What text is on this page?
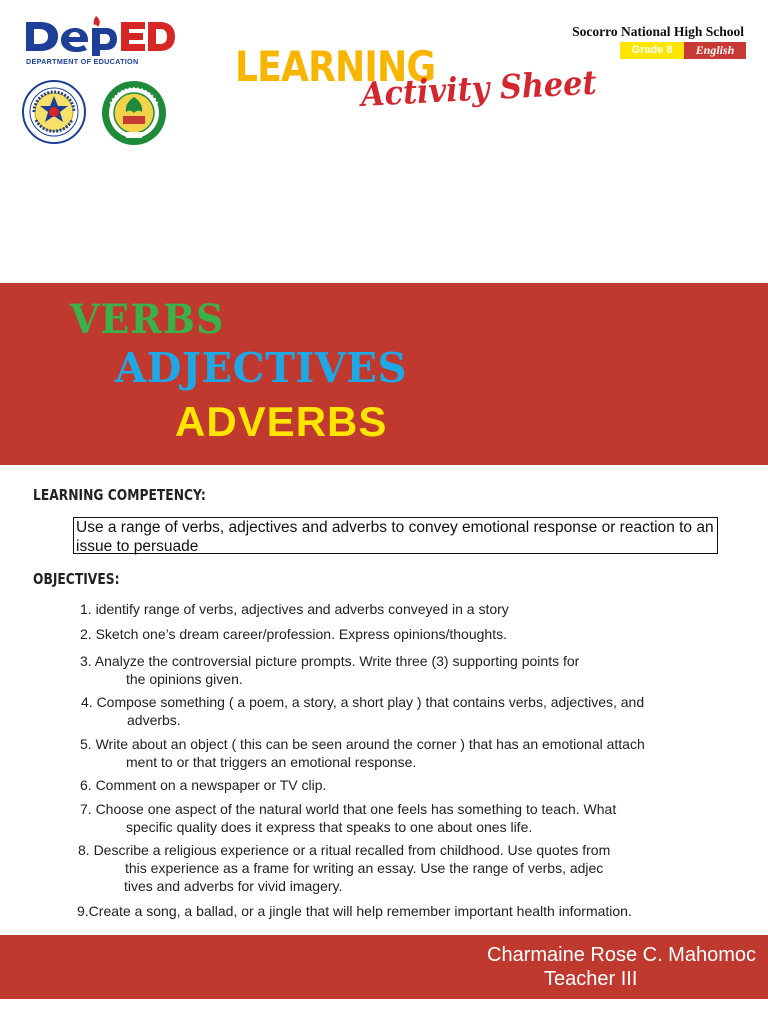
DEPARTMENT OF EDUCATION
Socorro National High School
Grade 8	English
LEARNING
Activity Sheet
VERBS
ADJECTIVES
ADVERBS
LEARNING COMPETENCY:
Use a range of verbs, adjectives and adverbs to convey emotional response or reaction to an issue to persuade
OBJECTIVES:
1. identify range of verbs, adjectives and adverbs conveyed in a story
2. Sketch one’s dream career/profession. Express opinions/thoughts.
3. Analyze the controversial picture prompts. Write three (3) supporting points for
the opinions given.
4. Compose something ( a poem, a story, a short play ) that contains verbs, adjectives, and
adverbs.
5. Write about an object ( this can be seen around the corner ) that has an emotional attach
ment to or that triggers an emotional response.
6. Comment on a newspaper or TV clip.
7. Choose one aspect of the natural world that one feels has something to teach. What
specific quality does it express that speaks to one about ones life.
8. Describe a religious experience or a ritual recalled from childhood. Use quotes from
this experience as a frame for writing an essay. Use the range of verbs, adjec
tives and adverbs for vivid imagery.
9.Create a song, a ballad, or a jingle that will help remember important health information.
Charmaine Rose C. Mahomoc
Teacher III
